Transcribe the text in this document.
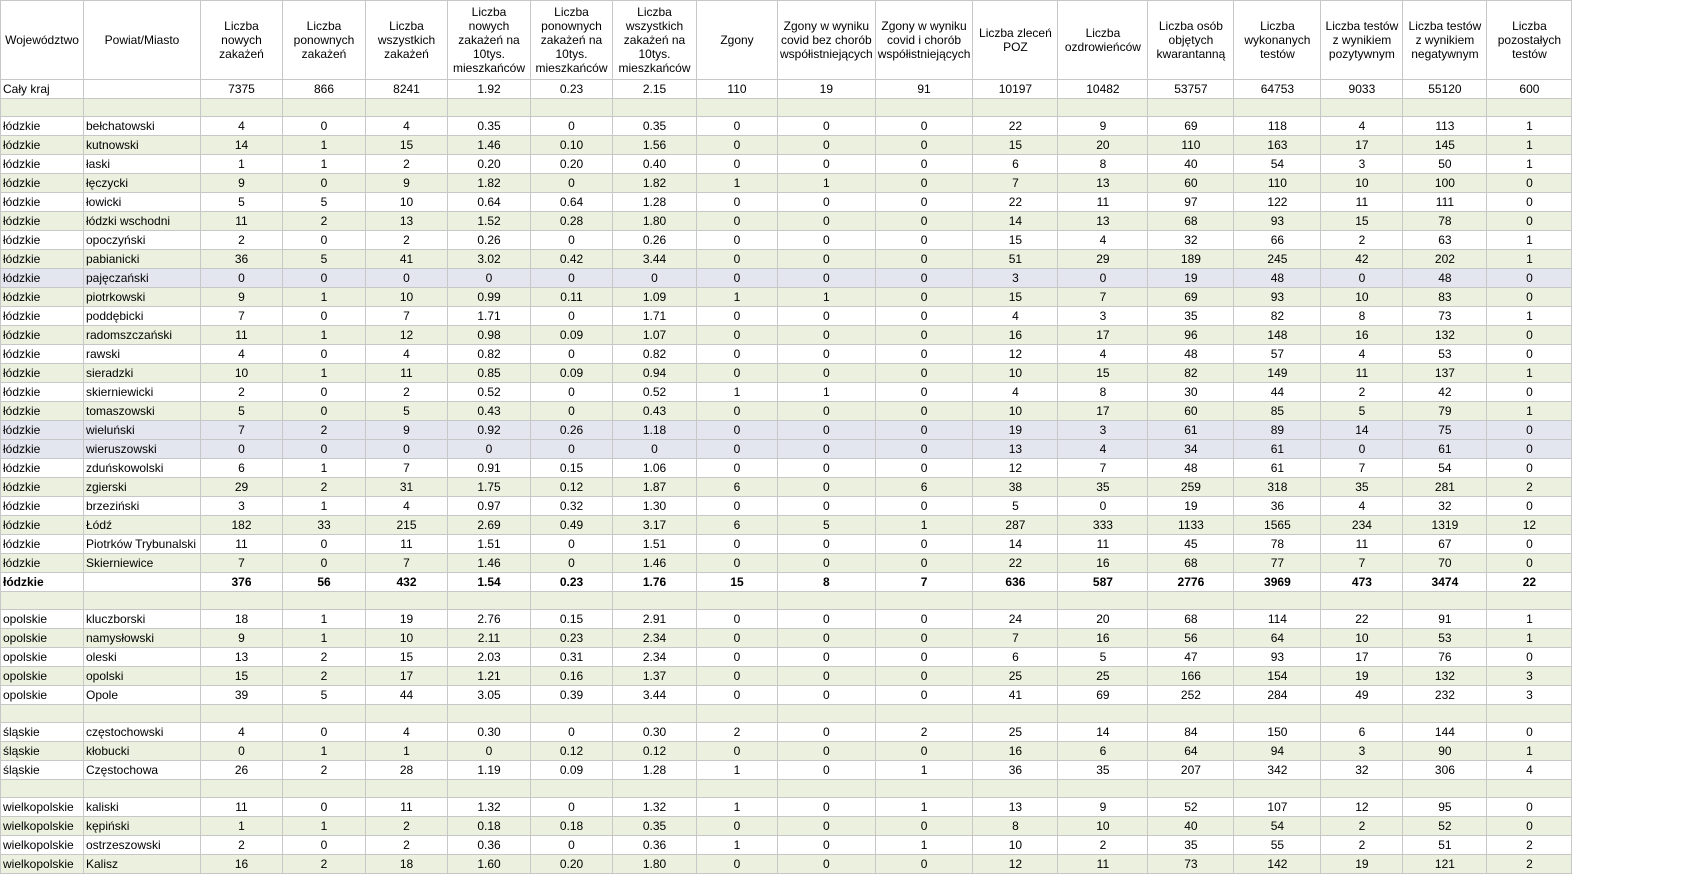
Województwo	Powiat/Miasto	Liczba nowych zakażeń	Liczba ponownych zakażeń	Liczba wszystkich zakażeń	Liczba nowych zakażeń na 10tys. mieszkańców	Liczba ponownych zakażeń na 10tys. mieszkańców	Liczba wszystkich zakażeń na 10tys. mieszkańców	Zgony	Zgony w wyniku covid bez chorób współistniejących	Zgony w wyniku covid i chorób współistniejących	Liczba zleceń POZ	Liczba ozdrowieńców	Liczba osób objętych kwarantanną	Liczba wykonanych testów	Liczba testów z wynikiem pozytywnym	Liczba testów z wynikiem negatywnym	Liczba pozostałych testów
Cały kraj		7375	866	8241	1.92	0.23	2.15	110	19	91	10197	10482	53757	64753	9033	55120	600

łódzkie	bełchatowski	4	0	4	0.35	0	0.35	0	0	0	22	9	69	118	4	113	1
łódzkie	kutnowski	14	1	15	1.46	0.10	1.56	0	0	0	15	20	110	163	17	145	1
łódzkie	łaski	1	1	2	0.20	0.20	0.40	0	0	0	6	8	40	54	3	50	1
łódzkie	łęczycki	9	0	9	1.82	0	1.82	1	1	0	7	13	60	110	10	100	0
łódzkie	łowicki	5	5	10	0.64	0.64	1.28	0	0	0	22	11	97	122	11	111	0
łódzkie	łódzki wschodni	11	2	13	1.52	0.28	1.80	0	0	0	14	13	68	93	15	78	0
łódzkie	opoczyński	2	0	2	0.26	0	0.26	0	0	0	15	4	32	66	2	63	1
łódzkie	pabianicki	36	5	41	3.02	0.42	3.44	0	0	0	51	29	189	245	42	202	1
łódzkie	pajęczański	0	0	0	0	0	0	0	0	0	3	0	19	48	0	48	0
łódzkie	piotrkowski	9	1	10	0.99	0.11	1.09	1	1	0	15	7	69	93	10	83	0
łódzkie	poddębicki	7	0	7	1.71	0	1.71	0	0	0	4	3	35	82	8	73	1
łódzkie	radomszczański	11	1	12	0.98	0.09	1.07	0	0	0	16	17	96	148	16	132	0
łódzkie	rawski	4	0	4	0.82	0	0.82	0	0	0	12	4	48	57	4	53	0
łódzkie	sieradzki	10	1	11	0.85	0.09	0.94	0	0	0	10	15	82	149	11	137	1
łódzkie	skierniewicki	2	0	2	0.52	0	0.52	1	1	0	4	8	30	44	2	42	0
łódzkie	tomaszowski	5	0	5	0.43	0	0.43	0	0	0	10	17	60	85	5	79	1
łódzkie	wieluński	7	2	9	0.92	0.26	1.18	0	0	0	19	3	61	89	14	75	0
łódzkie	wieruszowski	0	0	0	0	0	0	0	0	0	13	4	34	61	0	61	0
łódzkie	zduńskowolski	6	1	7	0.91	0.15	1.06	0	0	0	12	7	48	61	7	54	0
łódzkie	zgierski	29	2	31	1.75	0.12	1.87	6	0	6	38	35	259	318	35	281	2
łódzkie	brzeziński	3	1	4	0.97	0.32	1.30	0	0	0	5	0	19	36	4	32	0
łódzkie	Łódź	182	33	215	2.69	0.49	3.17	6	5	1	287	333	1133	1565	234	1319	12
łódzkie	Piotrków Trybunalski	11	0	11	1.51	0	1.51	0	0	0	14	11	45	78	11	67	0
łódzkie	Skierniewice	7	0	7	1.46	0	1.46	0	0	0	22	16	68	77	7	70	0
łódzkie		376	56	432	1.54	0.23	1.76	15	8	7	636	587	2776	3969	473	3474	22

opolskie	kluczborski	18	1	19	2.76	0.15	2.91	0	0	0	24	20	68	114	22	91	1
opolskie	namysłowski	9	1	10	2.11	0.23	2.34	0	0	0	7	16	56	64	10	53	1
opolskie	oleski	13	2	15	2.03	0.31	2.34	0	0	0	6	5	47	93	17	76	0
opolskie	opolski	15	2	17	1.21	0.16	1.37	0	0	0	25	25	166	154	19	132	3
opolskie	Opole	39	5	44	3.05	0.39	3.44	0	0	0	41	69	252	284	49	232	3

śląskie	częstochowski	4	0	4	0.30	0	0.30	2	0	2	25	14	84	150	6	144	0
śląskie	kłobucki	0	1	1	0	0.12	0.12	0	0	0	16	6	64	94	3	90	1
śląskie	Częstochowa	26	2	28	1.19	0.09	1.28	1	0	1	36	35	207	342	32	306	4

wielkopolskie	kaliski	11	0	11	1.32	0	1.32	1	0	1	13	9	52	107	12	95	0
wielkopolskie	kępiński	1	1	2	0.18	0.18	0.35	0	0	0	8	10	40	54	2	52	0
wielkopolskie	ostrzeszowski	2	0	2	0.36	0	0.36	1	0	1	10	2	35	55	2	51	2
wielkopolskie	Kalisz	16	2	18	1.60	0.20	1.80	0	0	0	12	11	73	142	19	121	2
